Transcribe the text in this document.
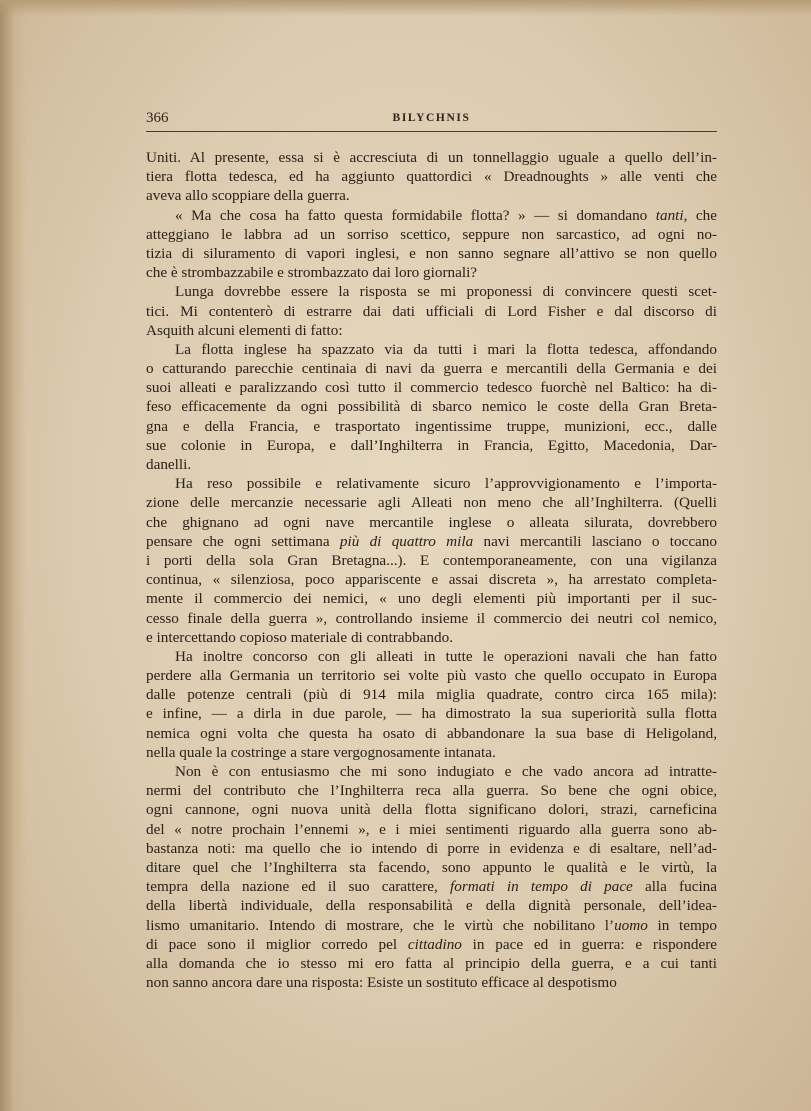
366	BILYCHNIS
Uniti. Al presente, essa si è accresciuta di un tonnellaggio uguale a quello dell’in-
tiera flotta tedesca, ed ha aggiunto quattordici « Dreadnoughts » alle venti che
aveva allo scoppiare della guerra.
« Ma che cosa ha fatto questa formidabile flotta? » — si domandano tanti, che
atteggiano le labbra ad un sorriso scettico, seppure non sarcastico, ad ogni no-
tizia di siluramento di vapori inglesi, e non sanno segnare all’attivo se non quello
che è strombazzabile e strombazzato dai loro giornali?
Lunga dovrebbe essere la risposta se mi proponessi di convincere questi scet-
tici. Mi contenterò di estrarre dai dati ufficiali di Lord Fisher e dal discorso di
Asquith alcuni elementi di fatto:
La flotta inglese ha spazzato via da tutti i mari la flotta tedesca, affondando
o catturando parecchie centinaia di navi da guerra e mercantili della Germania e dei
suoi alleati e paralizzando così tutto il commercio tedesco fuorchè nel Baltico: ha di-
feso efficacemente da ogni possibilità di sbarco nemico le coste della Gran Breta-
gna e della Francia, e trasportato ingentissime truppe, munizioni, ecc., dalle
sue colonie in Europa, e dall’Inghilterra in Francia, Egitto, Macedonia, Dar-
danelli.
Ha reso possibile e relativamente sicuro l’approvvigionamento e l’importa-
zione delle mercanzie necessarie agli Alleati non meno che all’Inghilterra. (Quelli
che ghignano ad ogni nave mercantile inglese o alleata silurata, dovrebbero
pensare che ogni settimana più di quattro mila navi mercantili lasciano o toccano
i porti della sola Gran Bretagna...). E contemporaneamente, con una vigilanza
continua, « silenziosa, poco appariscente e assai discreta », ha arrestato completa-
mente il commercio dei nemici, « uno degli elementi più importanti per il suc-
cesso finale della guerra », controllando insieme il commercio dei neutri col nemico,
e intercettando copioso materiale di contrabbando.
Ha inoltre concorso con gli alleati in tutte le operazioni navali che han fatto
perdere alla Germania un territorio sei volte più vasto che quello occupato in Europa
dalle potenze centrali (più di 914 mila miglia quadrate, contro circa 165 mila):
e infine, — a dirla in due parole, — ha dimostrato la sua superiorità sulla flotta
nemica ogni volta che questa ha osato di abbandonare la sua base di Heligoland,
nella quale la costringe a stare vergognosamente intanata.
Non è con entusiasmo che mi sono indugiato e che vado ancora ad intratte-
nermi del contributo che l’Inghilterra reca alla guerra. So bene che ogni obice,
ogni cannone, ogni nuova unità della flotta significano dolori, strazi, carneficina
del « notre prochain l’ennemi », e i miei sentimenti riguardo alla guerra sono ab-
bastanza noti: ma quello che io intendo di porre in evidenza e di esaltare, nell’ad-
ditare quel che l’Inghilterra sta facendo, sono appunto le qualità e le virtù, la
tempra della nazione ed il suo carattere, formati in tempo di pace alla fucina
della libertà individuale, della responsabilità e della dignità personale, dell’idea-
lismo umanitario. Intendo di mostrare, che le virtù che nobilitano l’uomo in tempo
di pace sono il miglior corredo pel cittadino in pace ed in guerra: e rispondere
alla domanda che io stesso mi ero fatta al principio della guerra, e a cui tanti
non sanno ancora dare una risposta: Esiste un sostituto efficace al despotismo
